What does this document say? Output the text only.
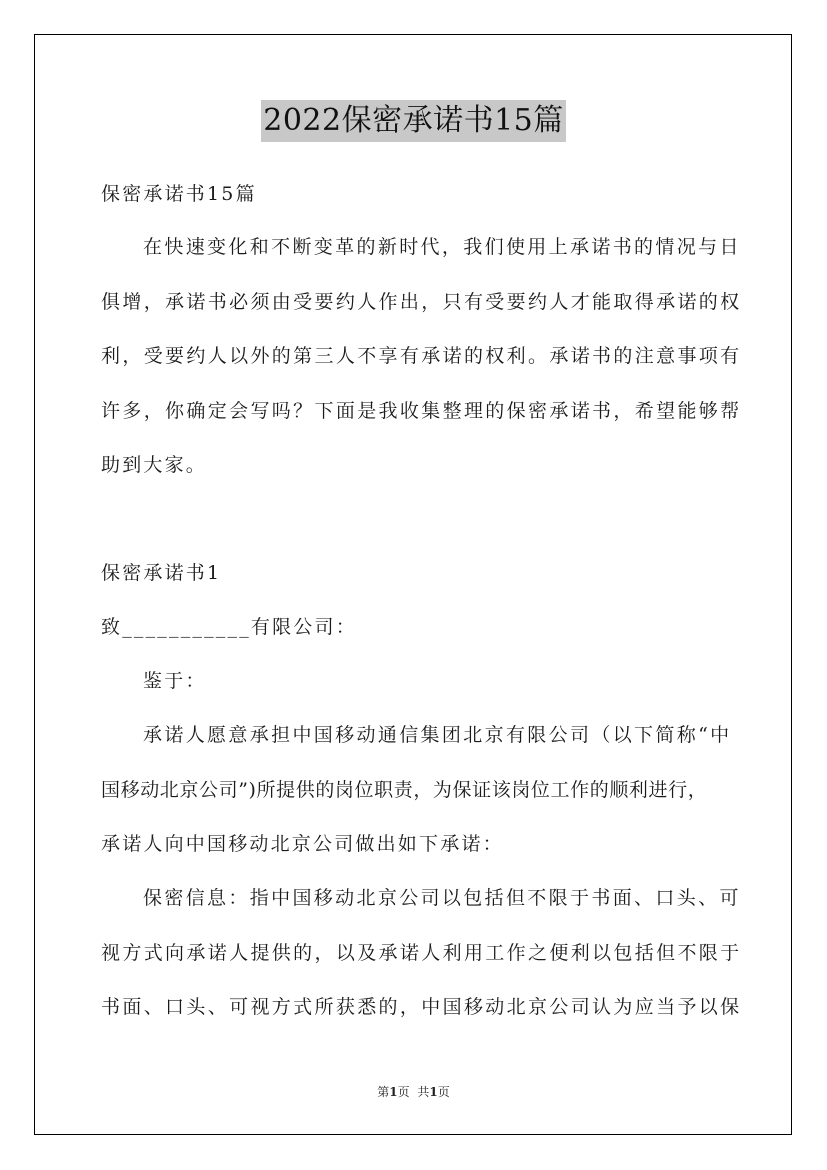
2022保密承诺书15篇
保密承诺书15篇
在快速变化和不断变革的新时代，我们使用上承诺书的情况与日
俱增，承诺书必须由受要约人作出，只有受要约人才能取得承诺的权
利，受要约人以外的第三人不享有承诺的权利。承诺书的注意事项有
许多，你确定会写吗？下面是我收集整理的保密承诺书，希望能够帮
助到大家。
保密承诺书1
致___________有限公司：
鉴于：
承诺人愿意承担中国移动通信集团北京有限公司（以下简称“中
国移动北京公司”)所提供的岗位职责，为保证该岗位工作的顺利进行，
承诺人向中国移动北京公司做出如下承诺：
保密信息：指中国移动北京公司以包括但不限于书面、口头、可
视方式向承诺人提供的，以及承诺人利用工作之便利以包括但不限于
书面、口头、可视方式所获悉的，中国移动北京公司认为应当予以保
第1页 共1页
